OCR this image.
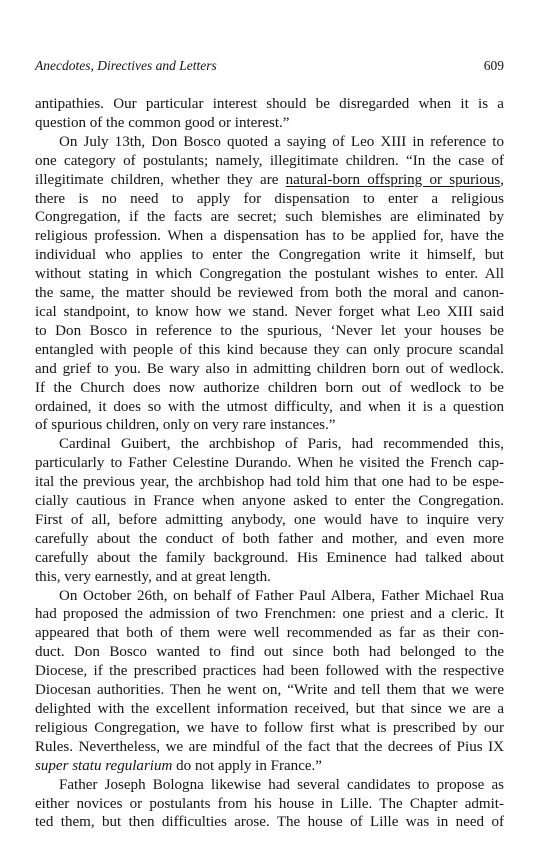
Anecdotes, Directives and Letters	609

antipathies. Our particular interest should be disregarded when it is a

question of the common good or interest.”

On July 13th, Don Bosco quoted a saying of Leo XIII in reference to

one category of postulants; namely, illegitimate children. “In the case of

illegitimate children, whether they are natural-born offspring or spurious,

there is no need to apply for dispensation to enter a religious

Congregation, if the facts are secret; such blemishes are eliminated by

religious profession. When a dispensation has to be applied for, have the

individual who applies to enter the Congregation write it himself, but

without stating in which Congregation the postulant wishes to enter. All

the same, the matter should be reviewed from both the moral and canon-

ical standpoint, to know how we stand. Never forget what Leo XIII said

to Don Bosco in reference to the spurious, ‘Never let your houses be

entangled with people of this kind because they can only procure scandal

and grief to you. Be wary also in admitting children born out of wedlock.

If the Church does now authorize children born out of wedlock to be

ordained, it does so with the utmost difficulty, and when it is a question

of spurious children, only on very rare instances.”

Cardinal Guibert, the archbishop of Paris, had recommended this,

particularly to Father Celestine Durando. When he visited the French cap-

ital the previous year, the archbishop had told him that one had to be espe-

cially cautious in France when anyone asked to enter the Congregation.

First of all, before admitting anybody, one would have to inquire very

carefully about the conduct of both father and mother, and even more

carefully about the family background. His Eminence had talked about

this, very earnestly, and at great length.

On October 26th, on behalf of Father Paul Albera, Father Michael Rua

had proposed the admission of two Frenchmen: one priest and a cleric. It

appeared that both of them were well recommended as far as their con-

duct. Don Bosco wanted to find out since both had belonged to the

Diocese, if the prescribed practices had been followed with the respective

Diocesan authorities. Then he went on, “Write and tell them that we were

delighted with the excellent information received, but that since we are a

religious Congregation, we have to follow first what is prescribed by our

Rules. Nevertheless, we are mindful of the fact that the decrees of Pius IX

super statu regularium do not apply in France.”

Father Joseph Bologna likewise had several candidates to propose as

either novices or postulants from his house in Lille. The Chapter admit-

ted them, but then difficulties arose. The house of Lille was in need of
